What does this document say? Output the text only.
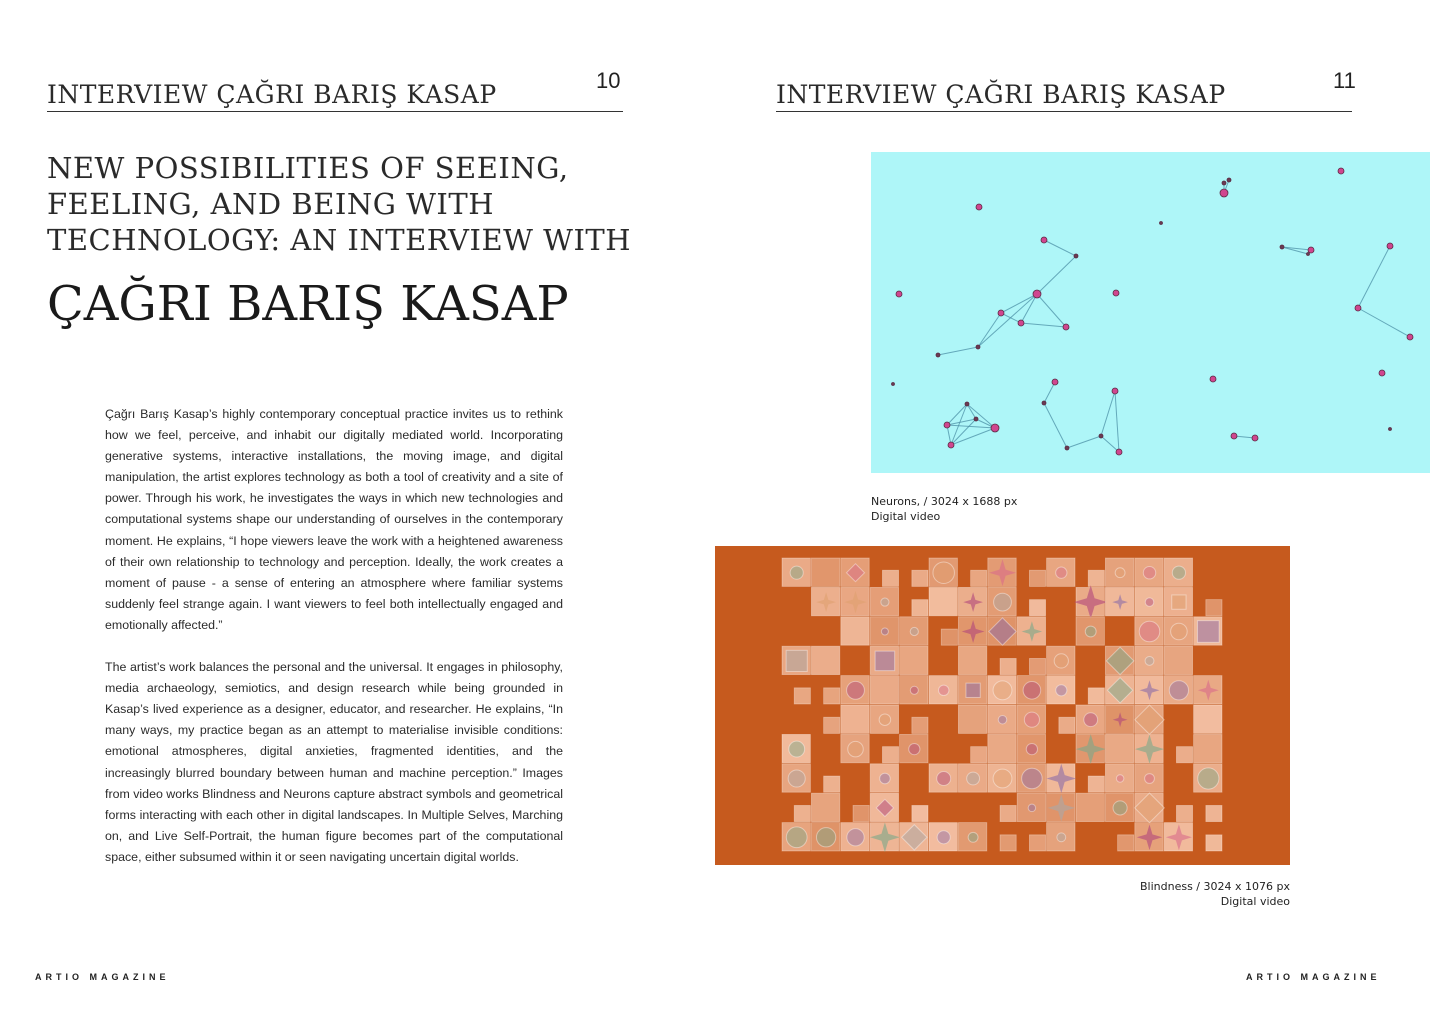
INTERVIEW ÇAĞRI BARIŞ KASAP	10

NEW POSSIBILITIES OF SEEING,

FEELING, AND BEING WITH

TECHNOLOGY: AN INTERVIEW WITH

ÇAĞRI BARIŞ KASAP

Çağrı Barış Kasap’s highly contemporary conceptual practice invites us to rethink how we feel, perceive, and inhabit our digitally mediated world. Incorporating generative systems, interactive installations, the moving image, and digital manipulation, the artist explores technology as both a tool of creativity and a site of power. Through his work, he investigates the ways in which new technologies and computational systems shape our understanding of ourselves in the contemporary moment. He explains, “I hope viewers leave the work with a heightened awareness of their own relationship to technology and perception. Ideally, the work creates a moment of pause - a sense of entering an atmosphere where familiar systems suddenly feel strange again. I want viewers to feel both intellectually engaged and emotionally affected.”

The artist’s work balances the personal and the universal. It engages in philosophy, media archaeology, semiotics, and design research while being grounded in Kasap’s lived experience as a designer, educator, and researcher. He explains, “In many ways, my practice began as an attempt to materialise invisible conditions: emotional atmospheres, digital anxieties, fragmented identities, and the increasingly blurred boundary between human and machine perception.” Images from video works Blindness and Neurons capture abstract symbols and geometrical forms interacting with each other in digital landscapes. In Multiple Selves, Marching on, and Live Self-Portrait, the human figure becomes part of the computational space, either subsumed within it or seen navigating uncertain digital worlds.

ARTIO MAGAZINE
INTERVIEW ÇAĞRI BARIŞ KASAP	11
Neurons, / 3024 x 1688 px
Digital video
Blindness / 3024 x 1076 px
Digital video
ARTIO MAGAZINE
